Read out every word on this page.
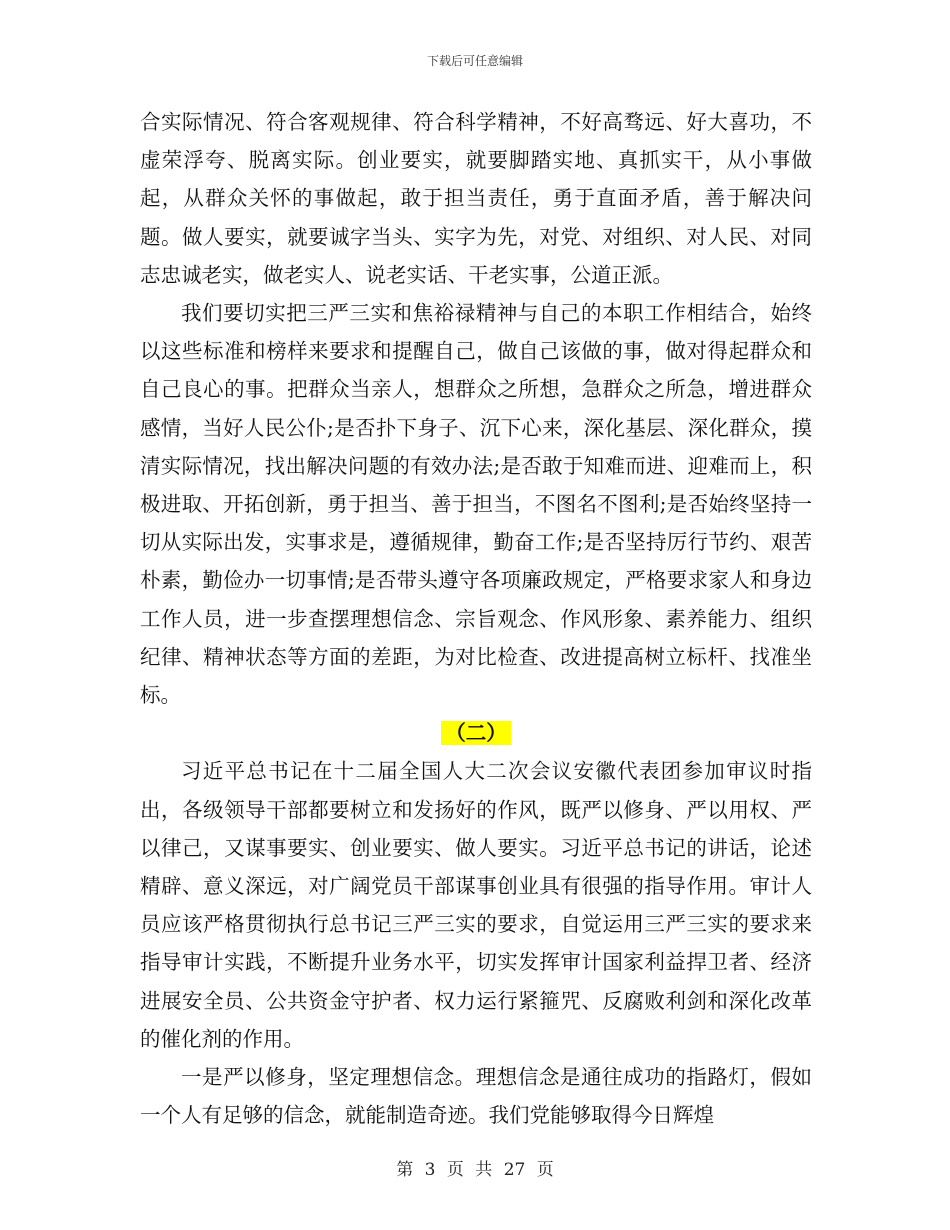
下载后可任意编辑

合实际情况、符合客观规律、符合科学精神，不好高骛远、好大喜功，不虚荣浮夸、脱离实际。创业要实，就要脚踏实地、真抓实干，从小事做起，从群众关怀的事做起，敢于担当责任，勇于直面矛盾，善于解决问题。做人要实，就要诚字当头、实字为先，对党、对组织、对人民、对同志忠诚老实，做老实人、说老实话、干老实事，公道正派。

我们要切实把三严三实和焦裕禄精神与自己的本职工作相结合，始终以这些标准和榜样来要求和提醒自己，做自己该做的事，做对得起群众和自己良心的事。把群众当亲人，想群众之所想，急群众之所急，增进群众感情，当好人民公仆;是否扑下身子、沉下心来，深化基层、深化群众，摸清实际情况，找出解决问题的有效办法;是否敢于知难而进、迎难而上，积极进取、开拓创新，勇于担当、善于担当，不图名不图利;是否始终坚持一切从实际出发，实事求是，遵循规律，勤奋工作;是否坚持厉行节约、艰苦朴素，勤俭办一切事情;是否带头遵守各项廉政规定，严格要求家人和身边工作人员，进一步查摆理想信念、宗旨观念、作风形象、素养能力、组织纪律、精神状态等方面的差距，为对比检查、改进提高树立标杆、找准坐标。

（二）

习近平总书记在十二届全国人大二次会议安徽代表团参加审议时指出，各级领导干部都要树立和发扬好的作风，既严以修身、严以用权、严以律己，又谋事要实、创业要实、做人要实。习近平总书记的讲话，论述精辟、意义深远，对广阔党员干部谋事创业具有很强的指导作用。审计人员应该严格贯彻执行总书记三严三实的要求，自觉运用三严三实的要求来指导审计实践，不断提升业务水平，切实发挥审计国家利益捍卫者、经济进展安全员、公共资金守护者、权力运行紧箍咒、反腐败利剑和深化改革的催化剂的作用。

一是严以修身，坚定理想信念。理想信念是通往成功的指路灯，假如一个人有足够的信念，就能制造奇迹。我们党能够取得今日辉煌

第 3 页 共 27 页
